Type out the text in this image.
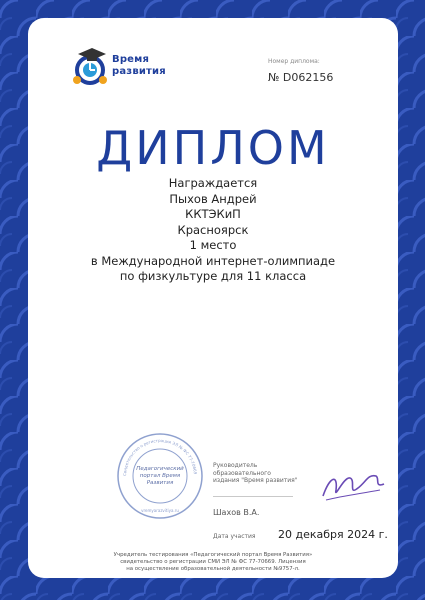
Время
развития
Номер диплома:
№ D062156
ДИПЛОМ
Награждается
Пыхов Андрей
ККТЭКиП
Красноярск
1 место
в Международной интернет-олимпиаде
по физкультуре для 11 класса
Свидетельство о регистрации ЭЛ № ФС 77-70669
Педагогический
портал Время
Развития
vremyarazvitiya.ru
Руководитель
образовательного
издания "Время развития"
Шахов В.А.
Дата участия 20 декабря 2024 г.
Учредитель тестирования «Педагогический портал Время Развития»
свидетельство о регистрации СМИ ЭЛ № ФС 77-70669. Лицензия
на осуществление образовательной деятельности №9757-л.
